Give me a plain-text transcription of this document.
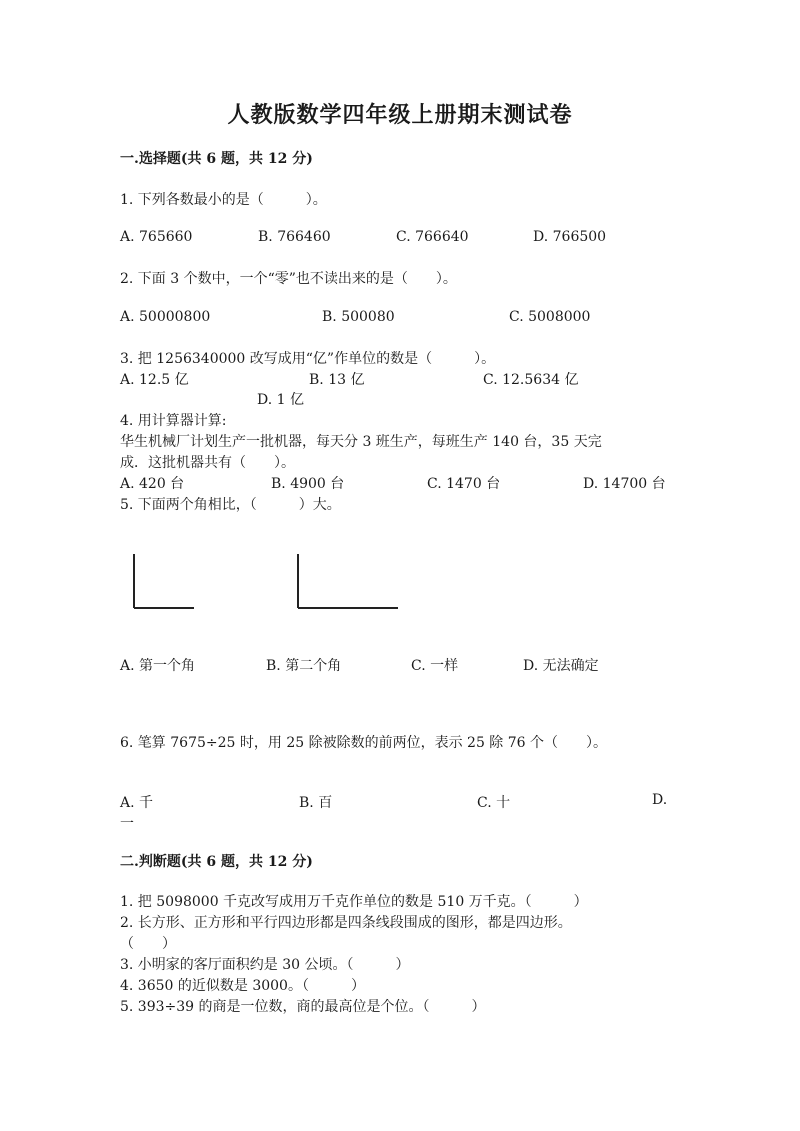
人教版数学四年级上册期末测试卷
一.选择题(共 6 题，共 12 分)
1. 下列各数最小的是（　　　）。
A. 765660	B. 766460	C. 766640	D. 766500
2. 下面 3 个数中，一个“零”也不读出来的是（　　）。
A. 50000800	B. 500080	C. 5008000
3. 把 1256340000 改写成用“亿”作单位的数是（　　　）。
A. 12.5 亿	B. 13 亿	C. 12.5634 亿
D. 1 亿
4. 用计算器计算:
华生机械厂计划生产一批机器，每天分 3 班生产，每班生产 140 台，35 天完
成．这批机器共有（　　）。
A. 420 台	B. 4900 台	C. 1470 台	D. 14700 台
5. 下面两个角相比，（　　　）大。
A. 第一个角	B. 第二个角	C. 一样	D. 无法确定
6. 笔算 7675÷25 时，用 25 除被除数的前两位，表示 25 除 76 个（　　）。
A. 千	B. 百	C. 十	D.
一
二.判断题(共 6 题，共 12 分)
1. 把 5098000 千克改写成用万千克作单位的数是 510 万千克。（　　　）
2. 长方形、正方形和平行四边形都是四条线段围成的图形，都是四边形。
（　　）
3. 小明家的客厅面积约是 30 公顷。（　　　）
4. 3650 的近似数是 3000。（　　　）
5. 393÷39 的商是一位数，商的最高位是个位。（　　　）
